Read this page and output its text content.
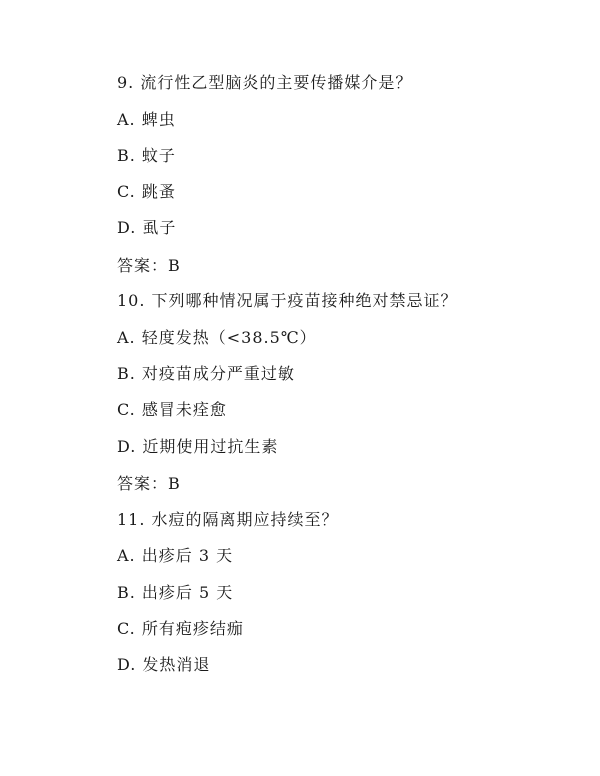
9. 流行性乙型脑炎的主要传播媒介是？
A. 蜱虫
B. 蚊子
C. 跳蚤
D. 虱子
答案：B
10. 下列哪种情况属于疫苗接种绝对禁忌证？
A. 轻度发热（<38.5℃）
B. 对疫苗成分严重过敏
C. 感冒未痊愈
D. 近期使用过抗生素
答案：B
11. 水痘的隔离期应持续至？
A. 出疹后 3 天
B. 出疹后 5 天
C. 所有疱疹结痂
D. 发热消退
